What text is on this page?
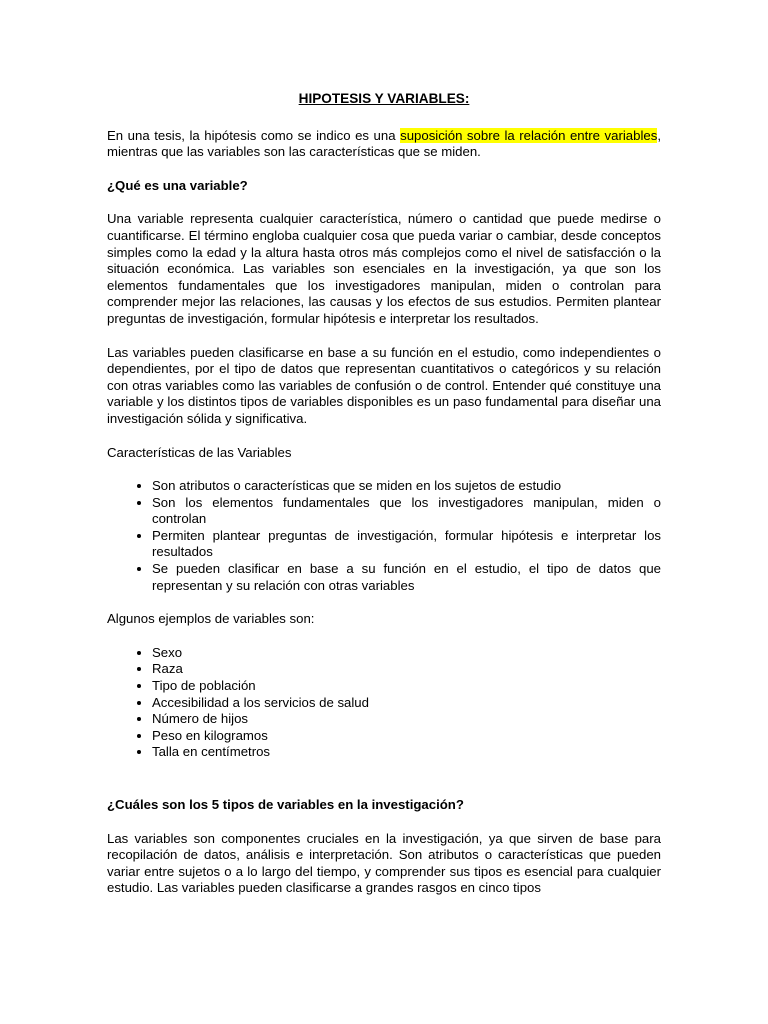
HIPOTESIS Y VARIABLES:

En una tesis, la hipótesis como se indico es una suposición sobre la relación entre variables, mientras que las variables son las características que se miden.

¿Qué es una variable?

Una variable representa cualquier característica, número o cantidad que puede medirse o cuantificarse. El término engloba cualquier cosa que pueda variar o cambiar, desde conceptos simples como la edad y la altura hasta otros más complejos como el nivel de satisfacción o la situación económica. Las variables son esenciales en la investigación, ya que son los elementos fundamentales que los investigadores manipulan, miden o controlan para comprender mejor las relaciones, las causas y los efectos de sus estudios. Permiten plantear preguntas de investigación, formular hipótesis e interpretar los resultados.

Las variables pueden clasificarse en base a su función en el estudio, como independientes o dependientes, por el tipo de datos que representan cuantitativos o categóricos y su relación con otras variables como las variables de confusión o de control. Entender qué constituye una variable y los distintos tipos de variables disponibles es un paso fundamental para diseñar una investigación sólida y significativa.

Características de las Variables

• Son atributos o características que se miden en los sujetos de estudio
• Son los elementos fundamentales que los investigadores manipulan, miden o controlan
• Permiten plantear preguntas de investigación, formular hipótesis e interpretar los resultados
• Se pueden clasificar en base a su función en el estudio, el tipo de datos que representan y su relación con otras variables

Algunos ejemplos de variables son:

• Sexo
• Raza
• Tipo de población
• Accesibilidad a los servicios de salud
• Número de hijos
• Peso en kilogramos
• Talla en centímetros

¿Cuáles son los 5 tipos de variables en la investigación?

Las variables son componentes cruciales en la investigación, ya que sirven de base para recopilación de datos, análisis e interpretación. Son atributos o características que pueden variar entre sujetos o a lo largo del tiempo, y comprender sus tipos es esencial para cualquier estudio. Las variables pueden clasificarse a grandes rasgos en cinco tipos
